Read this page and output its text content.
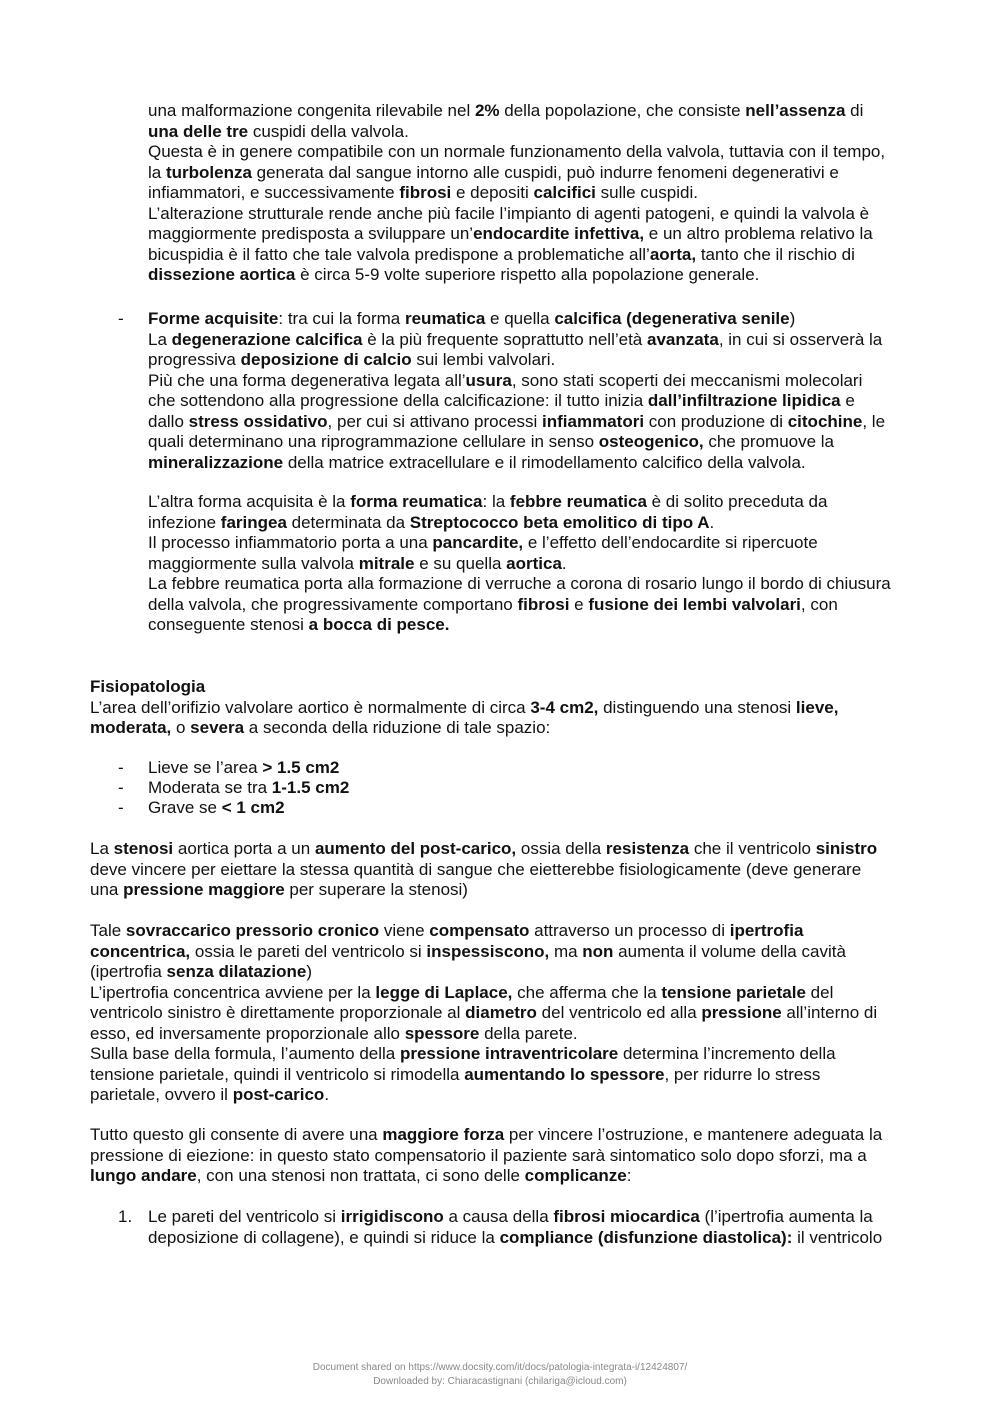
una malformazione congenita rilevabile nel 2% della popolazione, che consiste nell’assenza di

una delle tre cuspidi della valvola.

Questa è in genere compatibile con un normale funzionamento della valvola, tuttavia con il tempo,

la turbolenza generata dal sangue intorno alle cuspidi, può indurre fenomeni degenerativi e

infiammatori, e successivamente fibrosi e depositi calcifici sulle cuspidi.

L’alterazione strutturale rende anche più facile l’impianto di agenti patogeni, e quindi la valvola è

maggiormente predisposta a sviluppare un’endocardite infettiva, e un altro problema relativo la

bicuspidia è il fatto che tale valvola predispone a problematiche all’aorta, tanto che il rischio di

dissezione aortica è circa 5-9 volte superiore rispetto alla popolazione generale.

- Forme acquisite: tra cui la forma reumatica e quella calcifica (degenerativa senile)

La degenerazione calcifica è la più frequente soprattutto nell’età avanzata, in cui si osserverà la

progressiva deposizione di calcio sui lembi valvolari.

Più che una forma degenerativa legata all’usura, sono stati scoperti dei meccanismi molecolari

che sottendono alla progressione della calcificazione: il tutto inizia dall’infiltrazione lipidica e

dallo stress ossidativo, per cui si attivano processi infiammatori con produzione di citochine, le

quali determinano una riprogrammazione cellulare in senso osteogenico, che promuove la

mineralizzazione della matrice extracellulare e il rimodellamento calcifico della valvola.

L’altra forma acquisita è la forma reumatica: la febbre reumatica è di solito preceduta da

infezione faringea determinata da Streptococco beta emolitico di tipo A.

Il processo infiammatorio porta a una pancardite, e l’effetto dell’endocardite si ripercuote

maggiormente sulla valvola mitrale e su quella aortica.

La febbre reumatica porta alla formazione di verruche a corona di rosario lungo il bordo di chiusura

della valvola, che progressivamente comportano fibrosi e fusione dei lembi valvolari, con

conseguente stenosi a bocca di pesce.

Fisiopatologia

L’area dell’orifizio valvolare aortico è normalmente di circa 3-4 cm2, distinguendo una stenosi lieve,

moderata, o severa a seconda della riduzione di tale spazio:

- Lieve se l’area > 1.5 cm2

- Moderata se tra 1-1.5 cm2

- Grave se < 1 cm2

La stenosi aortica porta a un aumento del post-carico, ossia della resistenza che il ventricolo sinistro

deve vincere per eiettare la stessa quantità di sangue che eietterebbe fisiologicamente (deve generare

una pressione maggiore per superare la stenosi)

Tale sovraccarico pressorio cronico viene compensato attraverso un processo di ipertrofia

concentrica, ossia le pareti del ventricolo si inspessiscono, ma non aumenta il volume della cavità

(ipertrofia senza dilatazione)

L’ipertrofia concentrica avviene per la legge di Laplace, che afferma che la tensione parietale del

ventricolo sinistro è direttamente proporzionale al diametro del ventricolo ed alla pressione all’interno di

esso, ed inversamente proporzionale allo spessore della parete.

Sulla base della formula, l’aumento della pressione intraventricolare determina l’incremento della

tensione parietale, quindi il ventricolo si rimodella aumentando lo spessore, per ridurre lo stress

parietale, ovvero il post-carico.

Tutto questo gli consente di avere una maggiore forza per vincere l’ostruzione, e mantenere adeguata la

pressione di eiezione: in questo stato compensatorio il paziente sarà sintomatico solo dopo sforzi, ma a

lungo andare, con una stenosi non trattata, ci sono delle complicanze:

1. Le pareti del ventricolo si irrigidiscono a causa della fibrosi miocardica (l’ipertrofia aumenta la

deposizione di collagene), e quindi si riduce la compliance (disfunzione diastolica): il ventricolo

Document shared on https://www.docsity.com/it/docs/patologia-integrata-i/12424807/
Downloaded by: Chiaracastignani (chilariga@icloud.com)
